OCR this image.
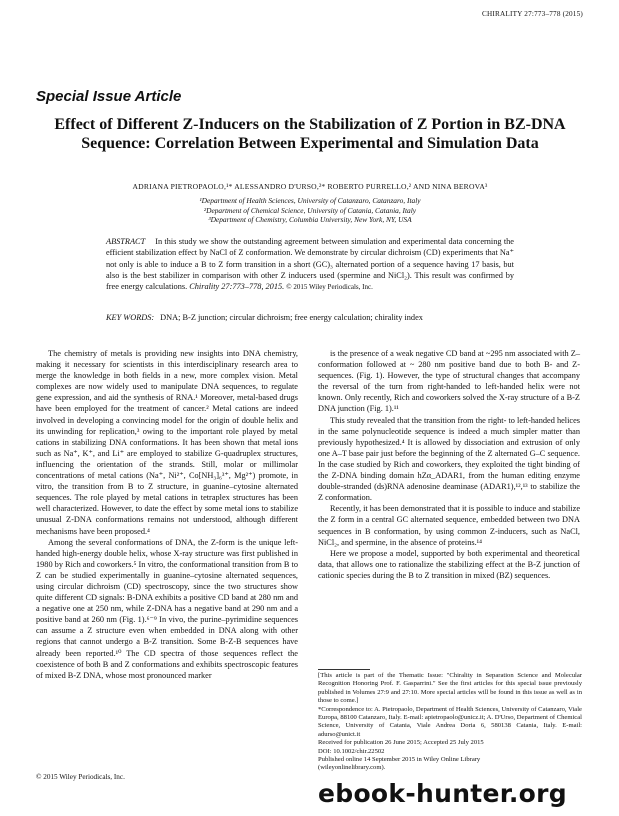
CHIRALITY 27:773–778 (2015)
Special Issue Article
Effect of Different Z-Inducers on the Stabilization of Z Portion in BZ-DNA Sequence: Correlation Between Experimental and Simulation Data
ADRIANA PIETROPAOLO,¹* ALESSANDRO D'URSO,²* ROBERTO PURRELLO,² AND NINA BEROVA³
¹Department of Health Sciences, University of Catanzaro, Catanzaro, Italy
²Department of Chemical Science, University of Catania, Catania, Italy
³Department of Chemistry, Columbia University, New York, NY, USA
ABSTRACT In this study we show the outstanding agreement between simulation and experimental data concerning the efficient stabilization effect by NaCl of Z conformation. We demonstrate by circular dichroism (CD) experiments that Na⁺ not only is able to induce a B to Z form transition in a short (GC)₃ alternated portion of a sequence having 17 basis, but also is the best stabilizer in comparison with other Z inducers used (spermine and NiCl₂). This result was confirmed by free energy calculations. Chirality 27:773–778, 2015. © 2015 Wiley Periodicals, Inc.
KEY WORDS: DNA; B-Z junction; circular dichroism; free energy calculation; chirality index

The chemistry of metals is providing new insights into DNA chemistry, making it necessary for scientists in this interdisciplinary research area to merge the knowledge in both fields in a new, more complex vision. Metal complexes are now widely used to manipulate DNA sequences, to regulate gene expression, and aid the synthesis of RNA.¹ Moreover, metal-based drugs have been employed for the treatment of cancer.² Metal cations are indeed involved in developing a convincing model for the origin of double helix and its unwinding for replication,³ owing to the important role played by metal cations in stabilizing DNA conformations. It has been shown that metal ions such as Na⁺, K⁺, and Li⁺ are employed to stabilize G-quadruplex structures, influencing the orientation of the strands. Still, molar or millimolar concentrations of metal cations (Na⁺, Ni²⁺, Co[NH₃]₆³⁺, Mg²⁺) promote, in vitro, the transition from B to Z structure, in guanine–cytosine alternated sequences. The role played by metal cations in tetraplex structures has been well characterized. However, to date the effect by some metal ions to stabilize unusual Z-DNA conformations remains not understood, although different mechanisms have been proposed.⁴

Among the several conformations of DNA, the Z-form is the unique left-handed high-energy double helix, whose X-ray structure was first published in 1980 by Rich and coworkers.⁵ In vitro, the conformational transition from B to Z can be studied experimentally in guanine–cytosine alternated sequences, using circular dichroism (CD) spectroscopy, since the two structures show quite different CD signals: B-DNA exhibits a positive CD band at 280 nm and a negative one at 250 nm, while Z-DNA has a negative band at 290 nm and a positive band at 260 nm (Fig. 1).⁶⁻⁹ In vivo, the purine–pyrimidine sequences can assume a Z structure even when embedded in DNA along with other regions that cannot undergo a B-Z transition. Some B-Z-B sequences have already been reported.¹⁰ The CD spectra of those sequences reflect the coexistence of both B and Z conformations and exhibits spectroscopic features of mixed B-Z DNA, whose most pronounced marker

is the presence of a weak negative CD band at ~295 nm associated with Z–conformation followed at ~ 280 nm positive band due to both B- and Z- sequences. (Fig. 1). However, the type of structural changes that accompany the reversal of the turn from right-handed to left-handed helix were not known. Only recently, Rich and coworkers solved the X-ray structure of a B-Z DNA junction (Fig. 1).¹¹

This study revealed that the transition from the right- to left-handed helices in the same polynucleotide sequence is indeed a much simpler matter than previously hypothesized.⁴ It is allowed by dissociation and extrusion of only one A–T base pair just before the beginning of the Z alternated G–C sequence. In the case studied by Rich and coworkers, they exploited the tight binding of the Z-DNA binding domain hZα_ADAR1, from the human editing enzyme double-stranded (ds)RNA adenosine deaminase (ADAR1),¹²,¹³ to stabilize the Z conformation.

Recently, it has been demonstrated that it is possible to induce and stabilize the Z form in a central GC alternated sequence, embedded between two DNA sequences in B conformation, by using common Z-inducers, such as NaCl, NiCl₂, and spermine, in the absence of proteins.¹⁴

Here we propose a model, supported by both experimental and theoretical data, that allows one to rationalize the stabilizing effect at the B-Z junction of cationic species during the B to Z transition in mixed (BZ) sequences.

[This article is part of the Thematic Issue: "Chirality in Separation Science and Molecular Recognition Honoring Prof. F. Gasparrini." See the first articles for this special issue previously published in Volumes 27:9 and 27:10. More special articles will be found in this issue as well as in those to come.]

*Correspondence to: A. Pietropaolo, Department of Health Sciences, University of Catanzaro, Viale Europa, 88100 Catanzaro, Italy. E-mail: apietropaolo@unicz.it; A. D'Urso, Department of Chemical Science, University of Catania, Viale Andrea Doria 6, 580138 Catania, Italy. E-mail: adurso@unict.it

Received for publication 26 June 2015; Accepted 25 July 2015

DOI: 10.1002/chir.22502

Published online 14 September 2015 in Wiley Online Library

(wileyonlinelibrary.com).

© 2015 Wiley Periodicals, Inc.
ebook-hunter.org
